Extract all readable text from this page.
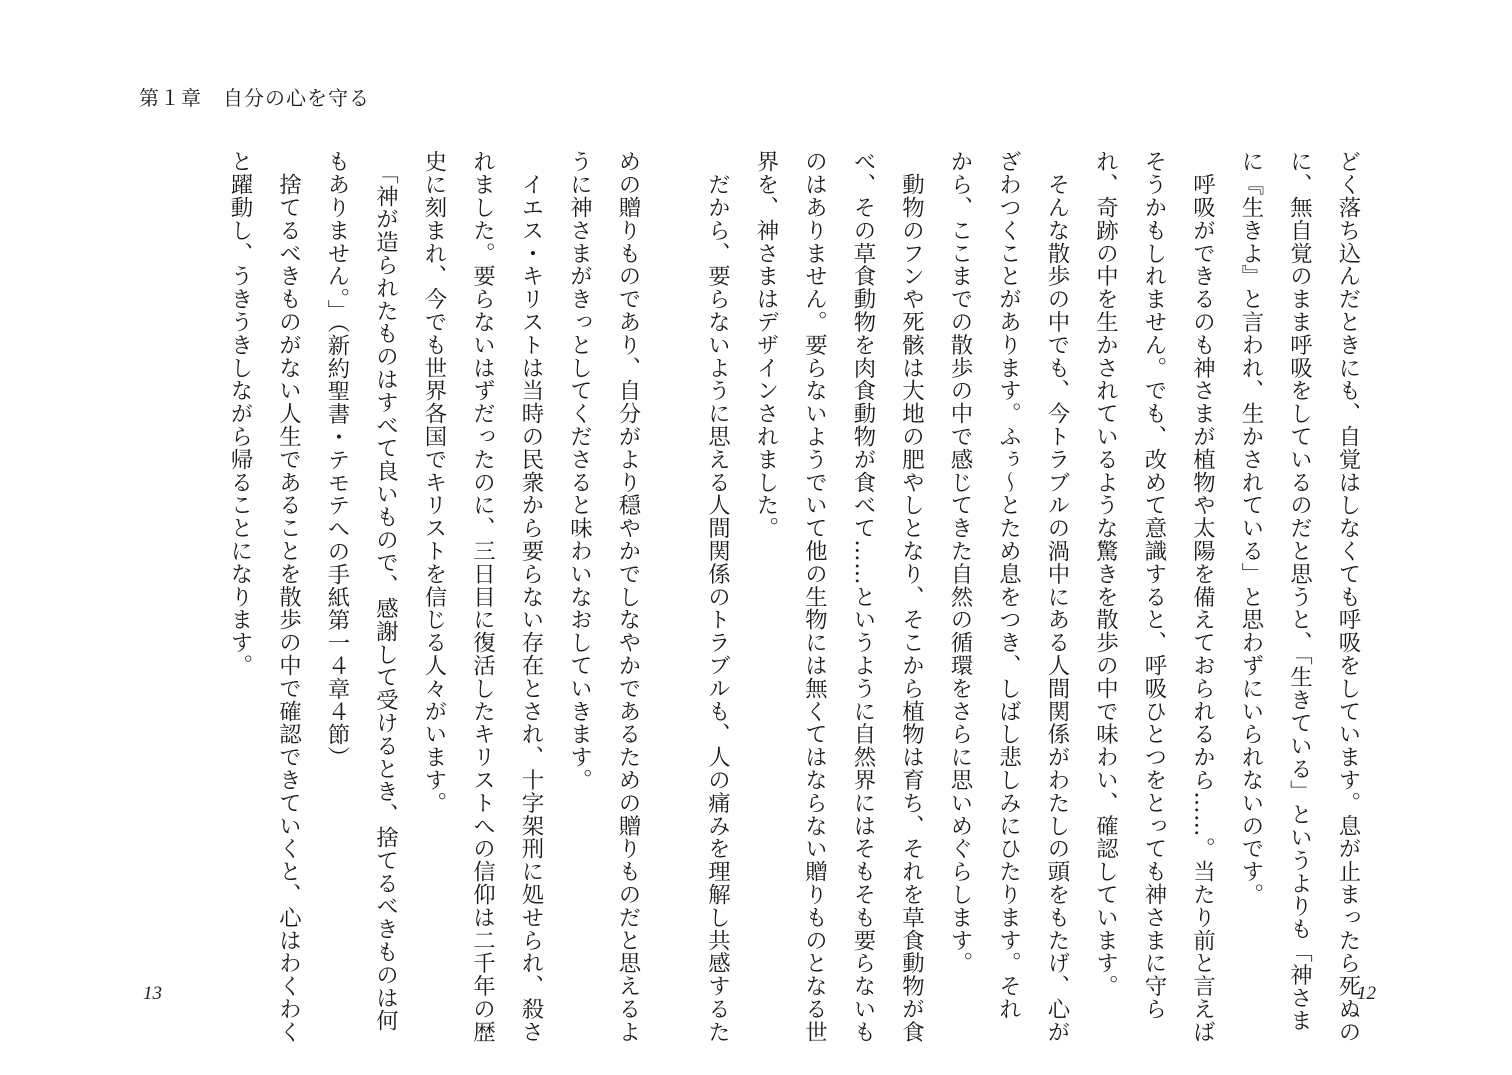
第１章　自分の心を守る
どく落ち込んだときにも、自覚はしなくても呼吸をしています。息が止まったら死ぬの
に、無自覚のまま呼吸をしているのだと思うと、「生きている」というよりも「神さま
に『生きよ』と言われ、生かされている」と思わずにいられないのです。
　呼吸ができるのも神さまが植物や太陽を備えておられるから……。当たり前と言えば
そうかもしれません。でも、改めて意識すると、呼吸ひとつをとっても神さまに守ら
れ、奇跡の中を生かされているような驚きを散歩の中で味わい、確認しています。
　そんな散歩の中でも、今トラブルの渦中にある人間関係がわたしの頭をもたげ、心が
ざわつくことがあります。ふぅ〜とため息をつき、しばし悲しみにひたります。それ
から、ここまでの散歩の中で感じてきた自然の循環をさらに思いめぐらします。
　動物のフンや死骸は大地の肥やしとなり、そこから植物は育ち、それを草食動物が食
べ、その草食動物を肉食動物が食べて……というように自然界にはそもそも要らないも
のはありません。要らないようでいて他の生物には無くてはならない贈りものとなる世
界を、神さまはデザインされました。
　だから、要らないように思える人間関係のトラブルも、人の痛みを理解し共感するた
めの贈りものであり、自分がより穏やかでしなやかであるための贈りものだと思えるよ
うに神さまがきっとしてくださると味わいなおしていきます。
　イエス・キリストは当時の民衆から要らない存在とされ、十字架刑に処せられ、殺さ
れました。要らないはずだったのに、三日目に復活したキリストへの信仰は二千年の歴
史に刻まれ、今でも世界各国でキリストを信じる人々がいます。
　「神が造られたものはすべて良いもので、感謝して受けるとき、捨てるべきものは何
もありません。」（新約聖書・テモテへの手紙第一４章４節）
　捨てるべきものがない人生であることを散歩の中で確認できていくと、心はわくわく
と躍動し、うきうきしながら帰ることになります。
13	12
